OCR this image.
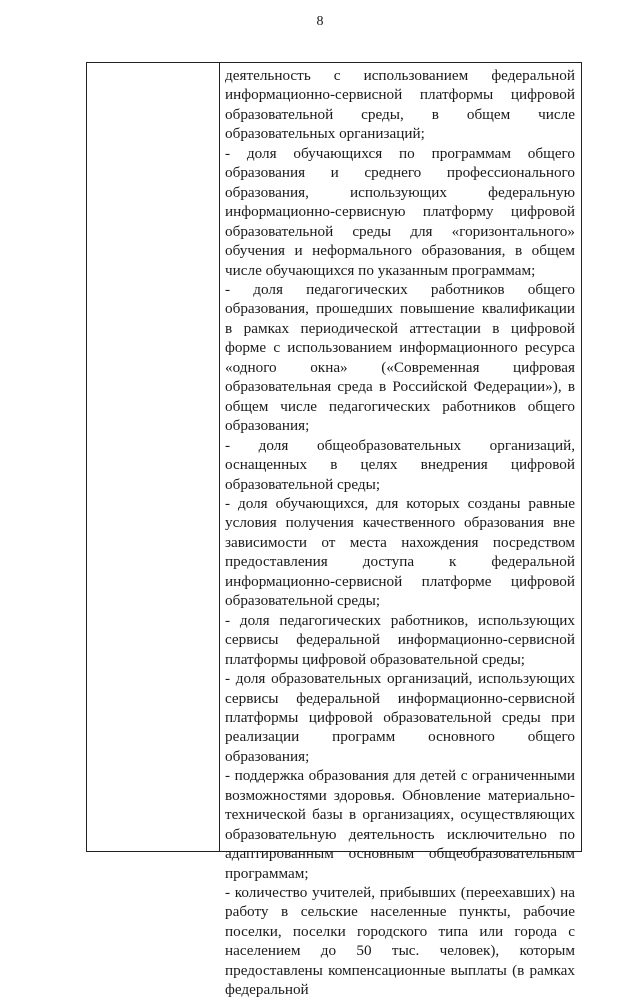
8

деятельность с использованием федеральной информационно-сервисной платформы цифровой образовательной среды, в общем числе образовательных организаций;

- доля обучающихся по программам общего образования и среднего профессионального образования, использующих федеральную информационно-сервисную платформу цифровой образовательной среды для «горизонтального» обучения и неформального образования, в общем числе обучающихся по указанным программам;

- доля педагогических работников общего образования, прошедших повышение квалификации в рамках периодической аттестации в цифровой форме с использованием информационного ресурса «одного окна» («Современная цифровая образовательная среда в Российской Федерации»), в общем числе педагогических работников общего образования;

- доля общеобразовательных организаций, оснащенных в целях внедрения цифровой образовательной среды;

- доля обучающихся, для которых созданы равные условия получения качественного образования вне зависимости от места нахождения посредством предоставления доступа к федеральной информационно-сервисной платформе цифровой образовательной среды;

- доля педагогических работников, использующих сервисы федеральной информационно-сервисной платформы цифровой образовательной среды;

- доля образовательных организаций, использующих сервисы федеральной информационно-сервисной платформы цифровой образовательной среды при реализации программ основного общего образования;

- поддержка образования для детей с ограниченными возможностями здоровья. Обновление материально-технической базы в организациях, осуществляющих образовательную деятельность исключительно по адаптированным основным общеобразовательным программам;

- количество учителей, прибывших (переехавших) на работу в сельские населенные пункты, рабочие поселки, поселки городского типа или города с населением до 50 тыс. человек), которым предоставлены компенсационные выплаты (в рамках федеральной
